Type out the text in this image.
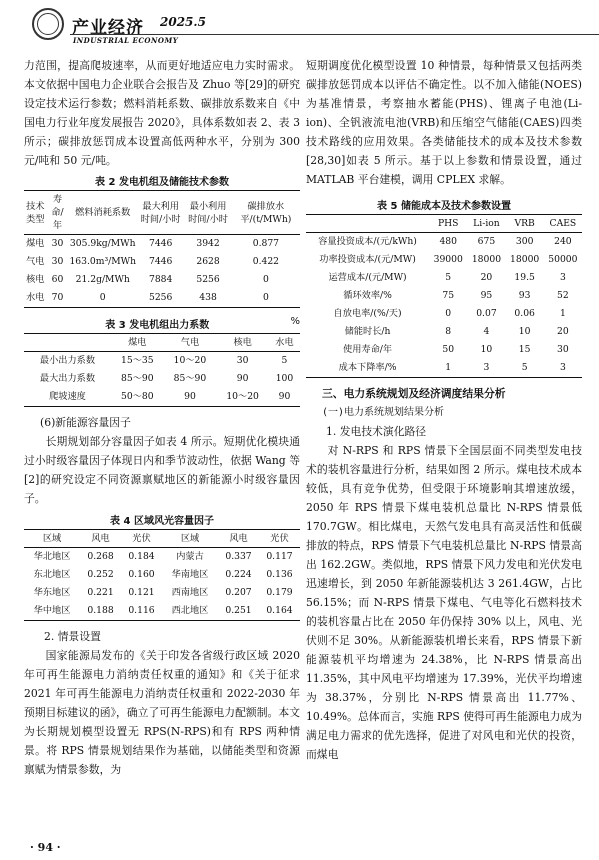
产业经济 2025.5
INDUSTRIAL ECONOMY

力范围，提高爬坡速率，从而更好地适应电力实时需求。本文依据中国电力企业联合会报告及 Zhuo 等[29]的研究设定技术运行参数；燃料消耗系数、碳排放系数来自《中国电力行业年度发展报告 2020》，具体系数如表 2、表 3 所示；碳排放惩罚成本设置高低两种水平，分别为 300 元/吨和 50 元/吨。

表 2 发电机组及储能技术参数
技术类型	寿命/年	燃料消耗系数	最大利用时间/小时	最小利用时间/小时	碳排放水平/(t/MWh)
煤电	30	305.9kg/MWh	7446	3942	0.877
气电	30	163.0m³/MWh	7446	2628	0.422
核电	60	21.2g/MWh	7884	5256	0
水电	70	0	5256	438	0
表 3 发电机组出力系数	%
	煤电	气电	核电	水电
最小出力系数	15～35	10～20	30	5
最大出力系数	85～90	85～90	90	100
爬坡速度	50～80	90	10～20	90

(6)新能源容量因子

长期规划部分容量因子如表 4 所示。短期优化模块通过小时级容量因子体现日内和季节波动性，依据 Wang 等[2]的研究设定不同资源禀赋地区的新能源小时级容量因子。

表 4 区域风光容量因子
区域	风电	光伏	区域	风电	光伏
华北地区	0.268	0.184	内蒙古	0.337	0.117
东北地区	0.252	0.160	华南地区	0.224	0.136
华东地区	0.221	0.121	西南地区	0.207	0.179
华中地区	0.188	0.116	西北地区	0.251	0.164

2. 情景设置

国家能源局发布的《关于印发各省级行政区域 2020 年可再生能源电力消纳责任权重的通知》和《关于征求 2021 年可再生能源电力消纳责任权重和 2022-2030 年预期目标建议的函》，确立了可再生能源电力配额制。本文为长期规划模型设置无 RPS(N-RPS)和有 RPS 两种情景。将 RPS 情景规划结果作为基础，以储能类型和资源禀赋为情景参数，为

短期调度优化模型设置 10 种情景，每种情景又包括两类碳排放惩罚成本以评估不确定性。以不加入储能(NOES)为基准情景，考察抽水蓄能(PHS)、锂离子电池(Li-ion)、全钒液流电池(VRB)和压缩空气储能(CAES)四类技术路线的应用效果。各类储能技术的成本及技术参数[28,30]如表 5 所示。基于以上参数和情景设置，通过 MATLAB 平台建模，调用 CPLEX 求解。

表 5 储能成本及技术参数设置
	PHS	Li-ion	VRB	CAES
容量投资成本/(元/kWh)	480	675	300	240
功率投资成本/(元/MW)	39000	18000	18000	50000
运营成本/(元/MW)	5	20	19.5	3
循环效率/%	75	95	93	52
自放电率/(%/天)	0	0.07	0.06	1
储能时长/h	8	4	10	20
使用寿命/年	50	10	15	30
成本下降率/%	1	3	5	3

三、电力系统规划及经济调度结果分析

(一)电力系统规划结果分析

1. 发电技术演化路径

对 N-RPS 和 RPS 情景下全国层面不同类型发电技术的装机容量进行分析，结果如图 2 所示。煤电技术成本较低，具有竞争优势，但受限于环境影响其增速放缓，2050 年 RPS 情景下煤电装机总量比 N-RPS 情景低 170.7GW。相比煤电，天然气发电具有高灵活性和低碳排放的特点，RPS 情景下气电装机总量比 N-RPS 情景高出 162.2GW。类似地，RPS 情景下风力发电和光伏发电迅速增长，到 2050 年新能源装机达 3 261.4GW，占比 56.15%；而 N-RPS 情景下煤电、气电等化石燃料技术的装机容量占比在 2050 年仍保持 30% 以上，风电、光伏则不足 30%。从新能源装机增长来看，RPS 情景下新能源装机平均增速为 24.38%，比 N-RPS 情景高出 11.35%，其中风电平均增速为 17.39%，光伏平均增速为 38.37%，分别比 N-RPS 情景高出 11.77%、10.49%。总体而言，实施 RPS 使得可再生能源电力成为满足电力需求的优先选择，促进了对风电和光伏的投资，而煤电

· 94 ·
